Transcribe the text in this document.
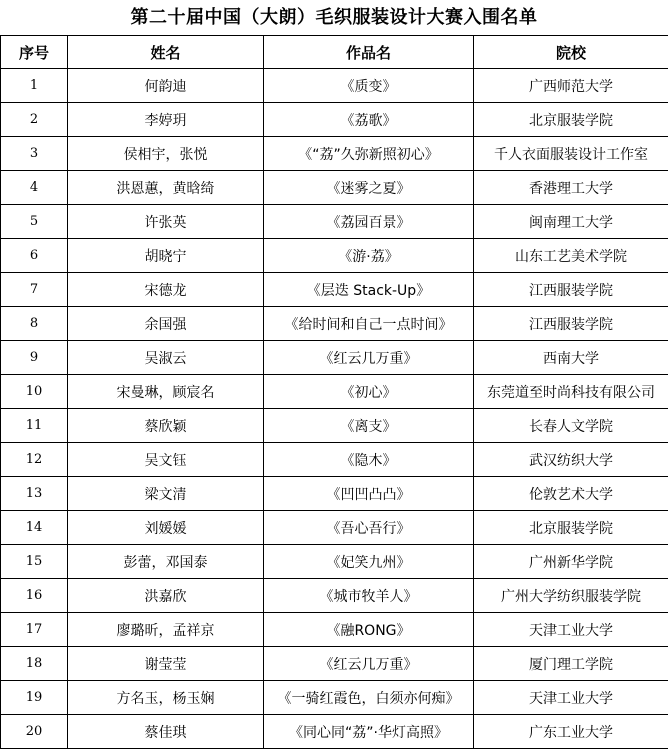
第二十届中国（大朗）毛织服装设计大赛入围名单
序号	姓名	作品名	院校
1	何韵迪	《质变》	广西师范大学
2	李婷玥	《荔歌》	北京服装学院
3	侯相宇，张悦	《“荔”久弥新照初心》	千人衣面服装设计工作室
4	洪恩蕙，黄晗绮	《迷雾之夏》	香港理工大学
5	许张英	《荔园百景》	闽南理工大学
6	胡晓宁	《游·荔》	山东工艺美术学院
7	宋德龙	《层迭 Stack-Up》	江西服装学院
8	余国强	《给时间和自己一点时间》	江西服装学院
9	吴淑云	《红云几万重》	西南大学
10	宋曼琳，顾宸名	《初心》	东莞道至时尚科技有限公司
11	蔡欣颖	《离支》	长春人文学院
12	吴文钰	《隐木》	武汉纺织大学
13	梁文清	《凹凹凸凸》	伦敦艺术大学
14	刘媛媛	《吾心吾行》	北京服装学院
15	彭蕾，邓国泰	《妃笑九州》	广州新华学院
16	洪嘉欣	《城市牧羊人》	广州大学纺织服装学院
17	廖璐昕，孟祥京	《融RONG》	天津工业大学
18	谢莹莹	《红云几万重》	厦门理工学院
19	方名玉，杨玉娴	《一骑红霞色，白须亦何痴》	天津工业大学
20	蔡佳琪	《同心同“荔”·华灯高照》	广东工业大学
